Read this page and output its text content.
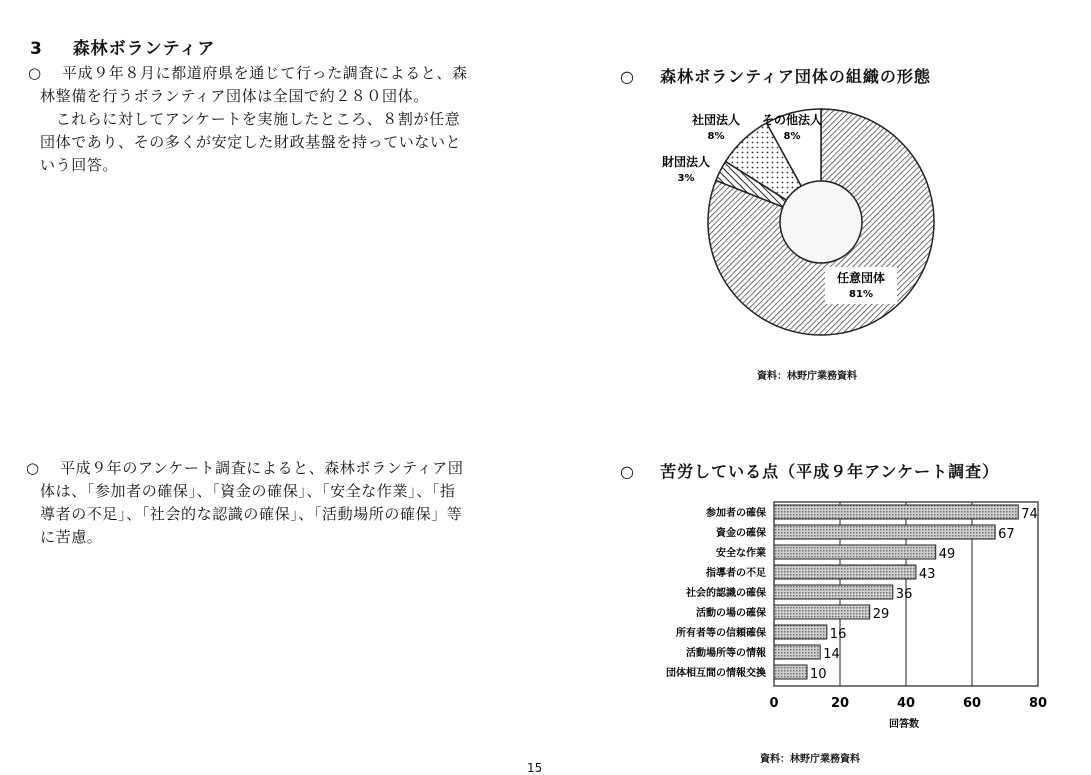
3 森林ボランティア
○ 平成９年８月に都道府県を通じて行った調査によると、森

林整備を行うボランティア団体は全国で約２８０団体。

　これらに対してアンケートを実施したところ、８割が任意

団体であり、その多くが安定した財政基盤を持っていないと

いう回答。

○ 平成９年のアンケート調査によると、森林ボランティア団

体は、「参加者の確保」、「資金の確保」、「安全な作業」、「指

導者の不足」、「社会的な認識の確保」、「活動場所の確保」等

に苦慮。

○ 森林ボランティア団体の組織の形態
任意団体
81%
財団法人
3%
社団法人
8%
その他法人
8%
資料：林野庁業務資料
○ 苦労している点（平成９年アンケート調査）
参加者の確保
資金の確保
安全な作業
指導者の不足
社会的認識の確保
活動の場の確保
所有者等の信頼確保
活動場所等の情報
団体相互間の情報交換
74
67
49
43
36
29
16
14
10
0	20	40	60	80
回答数
資料：林野庁業務資料
15
